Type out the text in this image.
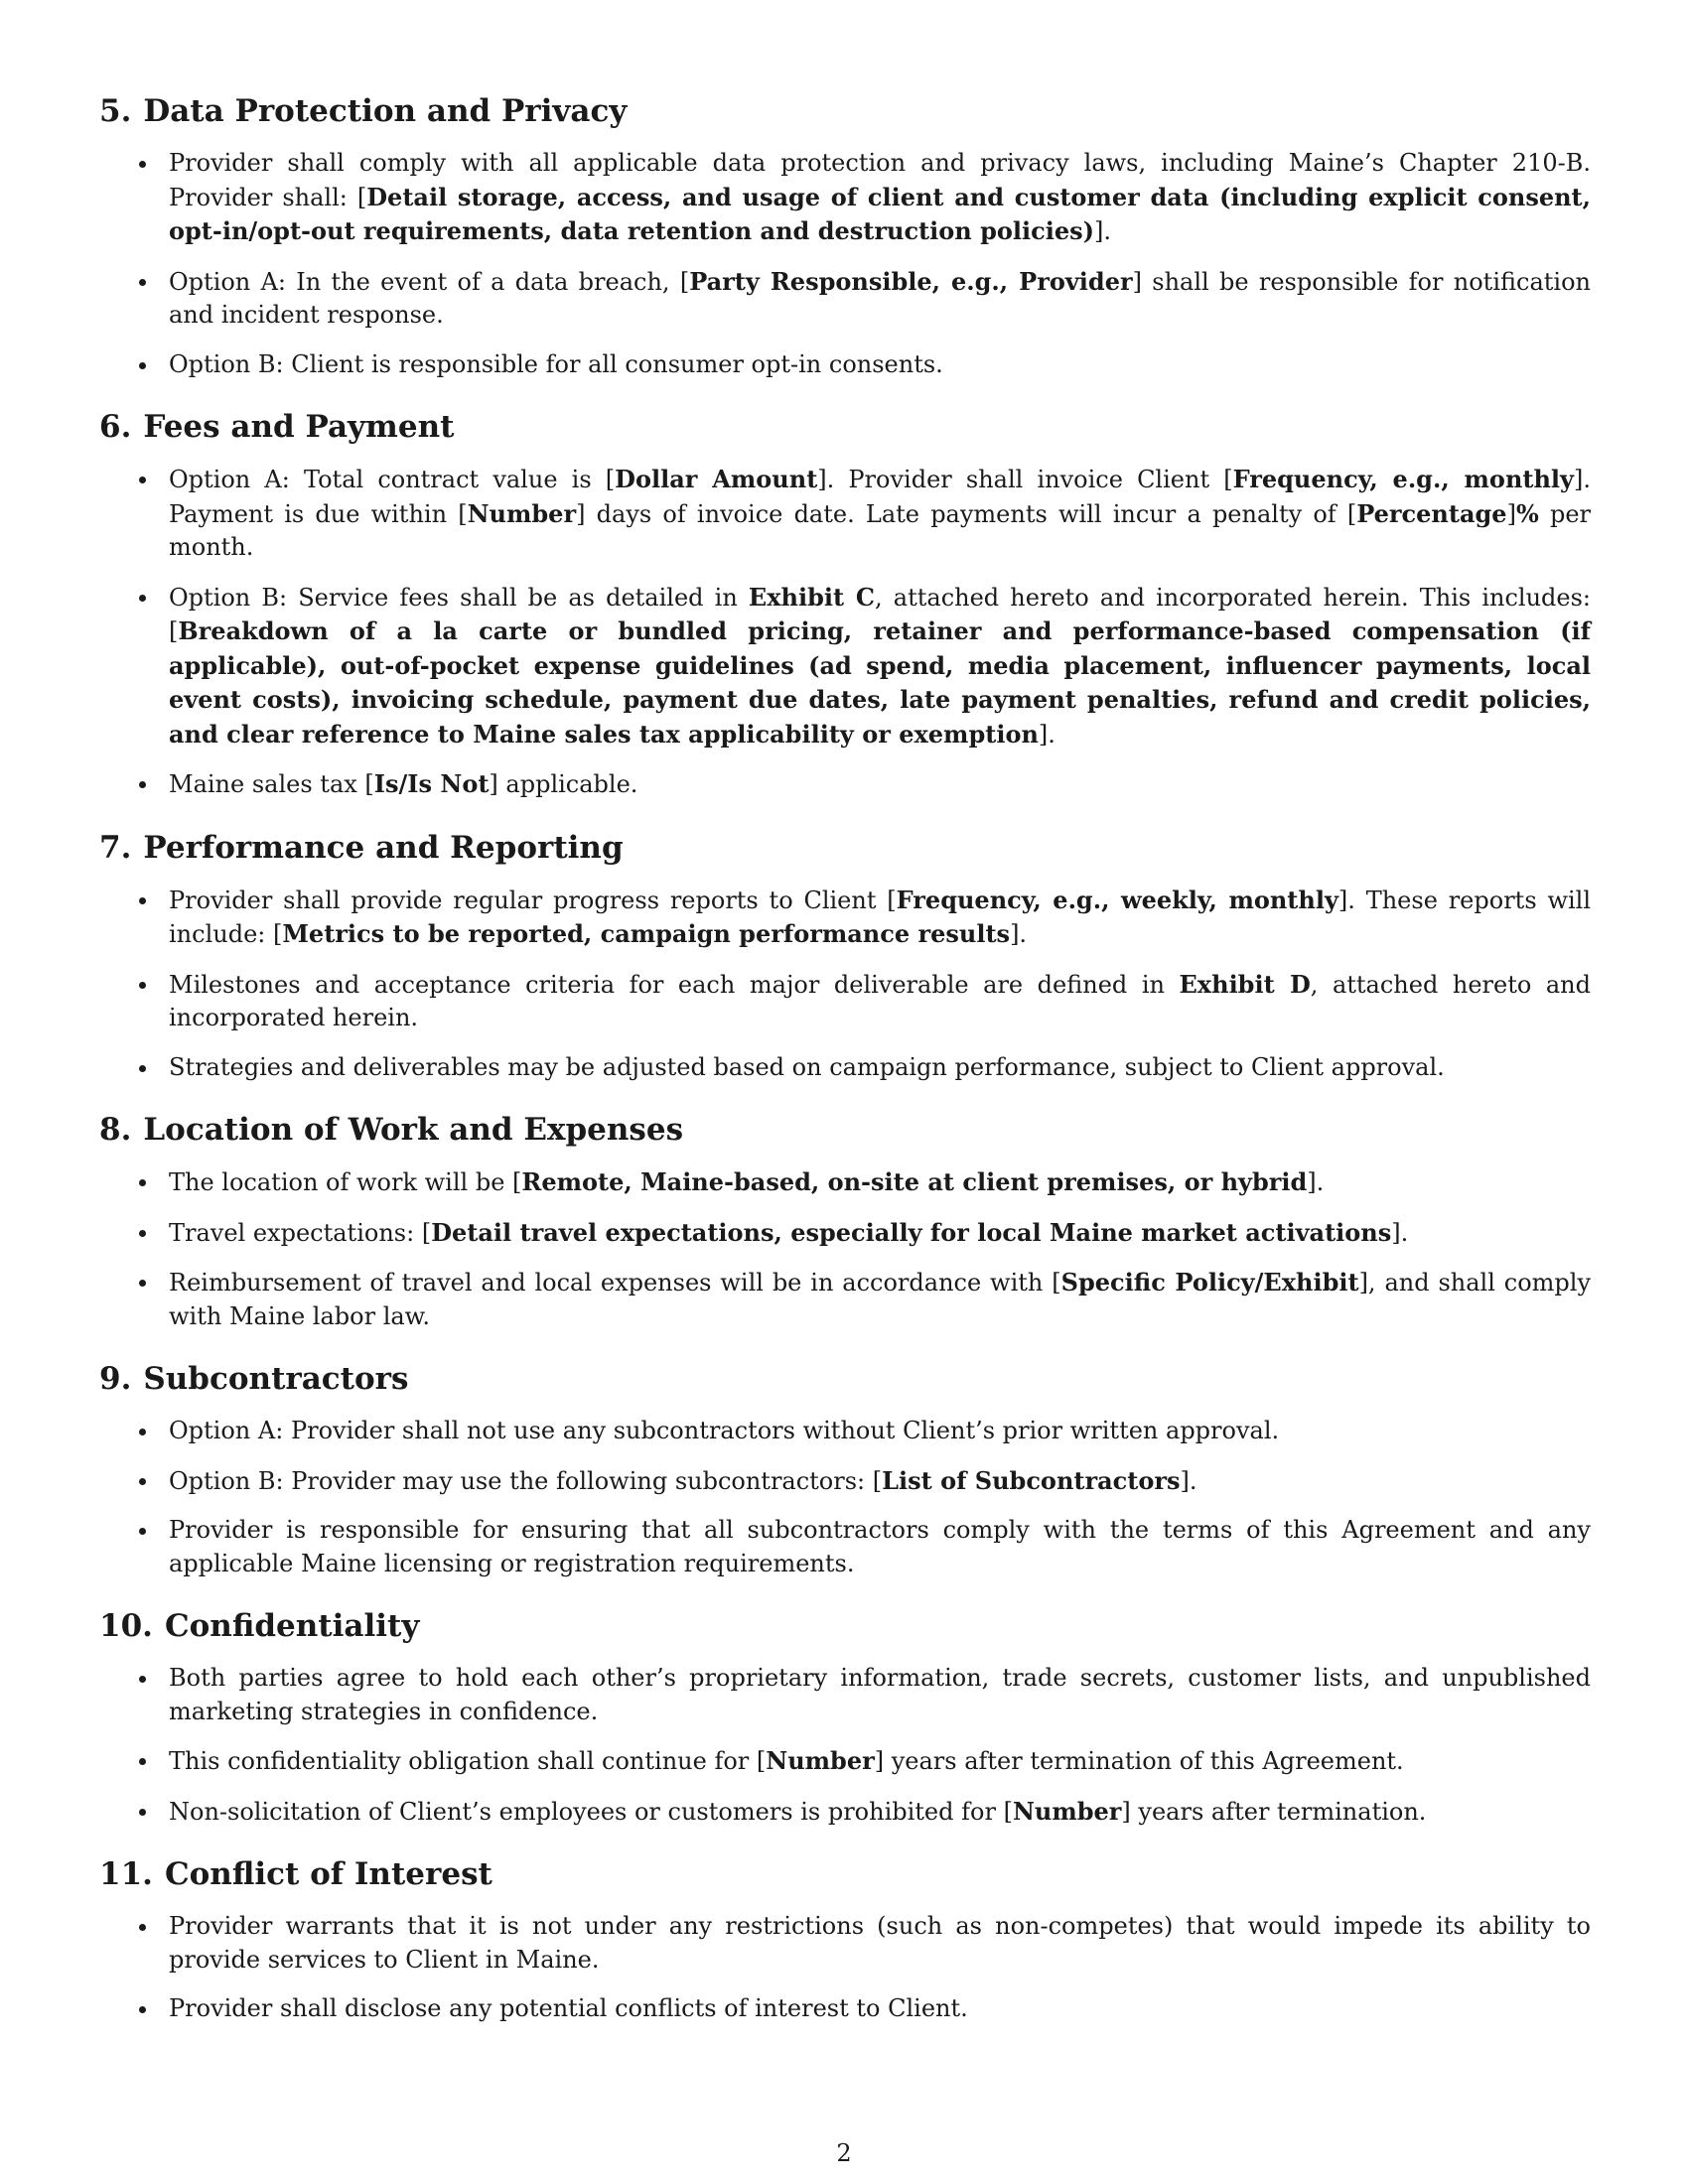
5. Data Protection and Privacy
Provider shall comply with all applicable data protection and privacy laws, including Maine’s Chapter 210-B. Provider shall: [Detail storage, access, and usage of client and customer data (including explicit consent, opt-in/opt-out requirements, data retention and destruction policies)].
Option A: In the event of a data breach, [Party Responsible, e.g., Provider] shall be responsible for notification and incident response.
Option B: Client is responsible for all consumer opt-in consents.
6. Fees and Payment
Option A: Total contract value is [Dollar Amount]. Provider shall invoice Client [Frequency, e.g., monthly]. Payment is due within [Number] days of invoice date. Late payments will incur a penalty of [Percentage]% per month.
Option B: Service fees shall be as detailed in Exhibit C, attached hereto and incorporated herein. This includes: [Breakdown of a la carte or bundled pricing, retainer and performance-based compensation (if applicable), out-of-pocket expense guidelines (ad spend, media placement, influencer payments, local event costs), invoicing schedule, payment due dates, late payment penalties, refund and credit policies, and clear reference to Maine sales tax applicability or exemption].
Maine sales tax [Is/Is Not] applicable.
7. Performance and Reporting
Provider shall provide regular progress reports to Client [Frequency, e.g., weekly, monthly]. These reports will include: [Metrics to be reported, campaign performance results].
Milestones and acceptance criteria for each major deliverable are defined in Exhibit D, attached hereto and incorporated herein.
Strategies and deliverables may be adjusted based on campaign performance, subject to Client approval.
8. Location of Work and Expenses
The location of work will be [Remote, Maine-based, on-site at client premises, or hybrid].
Travel expectations: [Detail travel expectations, especially for local Maine market activations].
Reimbursement of travel and local expenses will be in accordance with [Specific Policy/Exhibit], and shall comply with Maine labor law.
9. Subcontractors
Option A: Provider shall not use any subcontractors without Client’s prior written approval.
Option B: Provider may use the following subcontractors: [List of Subcontractors].
Provider is responsible for ensuring that all subcontractors comply with the terms of this Agreement and any applicable Maine licensing or registration requirements.
10. Confidentiality
Both parties agree to hold each other’s proprietary information, trade secrets, customer lists, and unpublished marketing strategies in confidence.
This confidentiality obligation shall continue for [Number] years after termination of this Agreement.
Non-solicitation of Client’s employees or customers is prohibited for [Number] years after termination.
11. Conflict of Interest
Provider warrants that it is not under any restrictions (such as non-competes) that would impede its ability to provide services to Client in Maine.
Provider shall disclose any potential conflicts of interest to Client.
2
